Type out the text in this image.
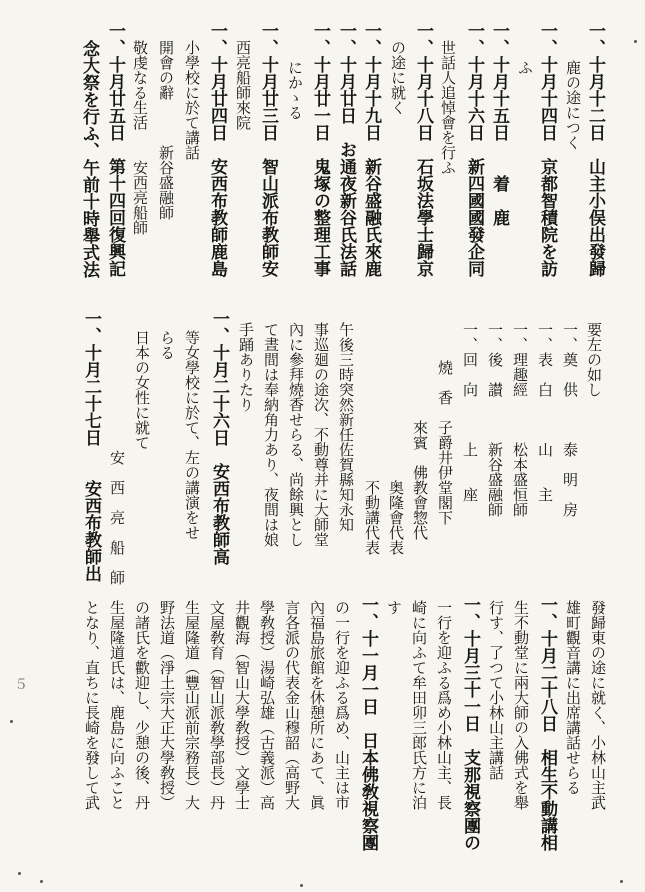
一、十月十二日　山主小俣出發歸
鹿の途につく
一、十月十四日　京都智積院を訪
ふ
一、十月十五日　　着　鹿
一、十月十六日　新四國國發企同
世話人追悼會を行ふ
一、十月十八日　石坂法學士歸京
の途に就く
一、十月十九日　新谷盛融氏來鹿
一、十月廿日　お通夜新谷氏法話
一、十月廿一日　鬼塚の整理工事
にかゝる
一、十月廿三日　智山派布教師安
西亮船師來院
一、十月廿四日　安西布教師鹿島
小學校に於て講話
開會の辭　　　新谷盛融師
敬虔なる生活　　安西亮船師
一、十月廿五日　第十四回復興記
念大祭を行ふ、午前十時舉式法
要左の如し
一、奠　供　　　泰　明　房
一、表　白　　　山　　主
一、理趣經　　　松本盛恒師
一、後　讃　　　新谷盛融師
一、回　向　　　上　　座
燒　香　子爵井伊堂閣下
來賓　佛教會惣代
奥隆會代表
不動講代表
午後三時突然新任佐賀縣知永知
事巡廻の途次、不動尊并に大師堂
內に參拜燒香せらる、尚餘興とし
て晝間は奉納角力あり、夜間は娘
手踊ありたり
一、十月二十六日　安西布教師高
等女學校に於て、左の講演をせ
らる
日本の女性に就て
安　西　亮　船　師
一、十月二十七日　　安西布教師出
發歸東の途に就く、小林山主武
雄町觀音講に出席講話せらる
一、十月二十八日　相生不動講相
生不動堂に兩大師の入佛式を舉
行す、了つて小林山主講話
一、十月三十一日　支那視察團の
一行を迎ふる爲め小林山主、長
崎に向ふて牟田卯三郎氏方に泊
す
一、十一月一日　日本佛敎視察團
の一行を迎ふる爲め、山主は市
內福島旅館を休憩所にあて、眞
言各派の代表金山穆韶（高野大
學敎授）湯崎弘雄（古義派）高
井觀海（智山大學敎授）文學士
文屋敎育（智山派敎學部長）丹
生屋隆道（豐山派前宗務長）大
野法道（淨土宗大正大學敎授）
の諸氏を歡迎し、少憩の後、丹
生屋隆道氏は、鹿島に向ふこと
となり、直ちに長崎を發して武
５
